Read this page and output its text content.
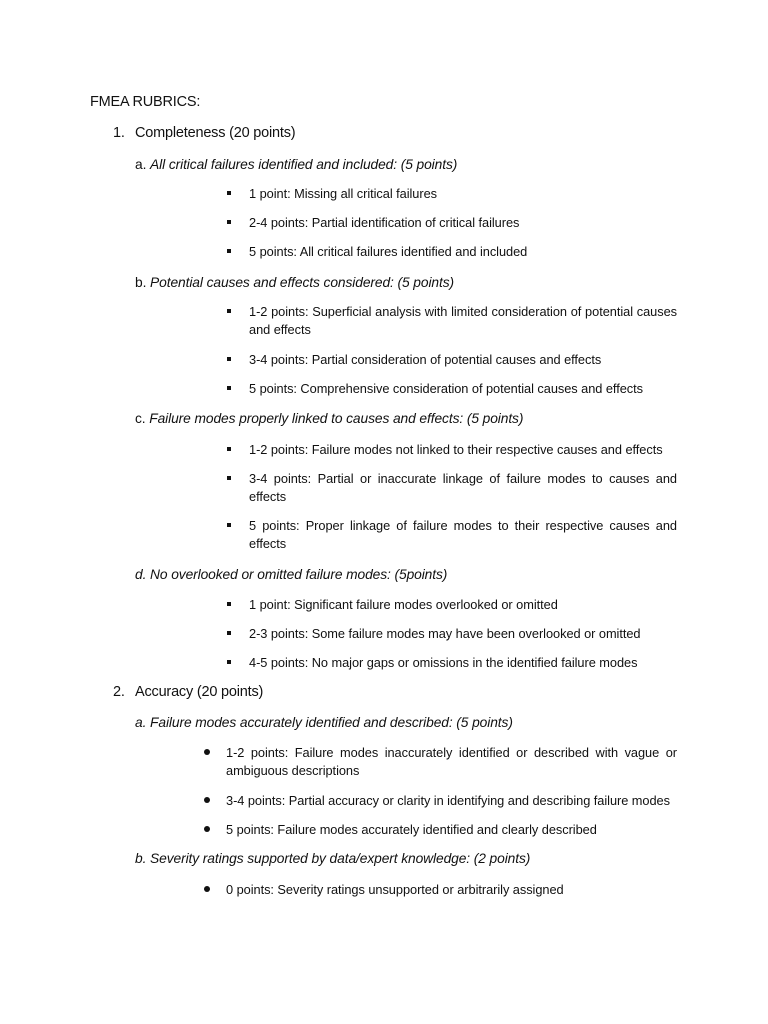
FMEA RUBRICS:
1. Completeness (20 points)
a. All critical failures identified and included: (5 points)
1 point: Missing all critical failures
2-4 points: Partial identification of critical failures
5 points: All critical failures identified and included
b. Potential causes and effects considered: (5 points)
1-2 points: Superficial analysis with limited consideration of potential causes and effects
3-4 points: Partial consideration of potential causes and effects
5 points: Comprehensive consideration of potential causes and effects
c. Failure modes properly linked to causes and effects: (5 points)
1-2 points: Failure modes not linked to their respective causes and effects
3-4 points: Partial or inaccurate linkage of failure modes to causes and effects
5 points: Proper linkage of failure modes to their respective causes and effects
d. No overlooked or omitted failure modes: (5points)
1 point: Significant failure modes overlooked or omitted
2-3 points: Some failure modes may have been overlooked or omitted
4-5 points: No major gaps or omissions in the identified failure modes
2. Accuracy (20 points)
a. Failure modes accurately identified and described: (5 points)
1-2 points: Failure modes inaccurately identified or described with vague or ambiguous descriptions
3-4 points: Partial accuracy or clarity in identifying and describing failure modes
5 points: Failure modes accurately identified and clearly described
b. Severity ratings supported by data/expert knowledge: (2 points)
0 points: Severity ratings unsupported or arbitrarily assigned
